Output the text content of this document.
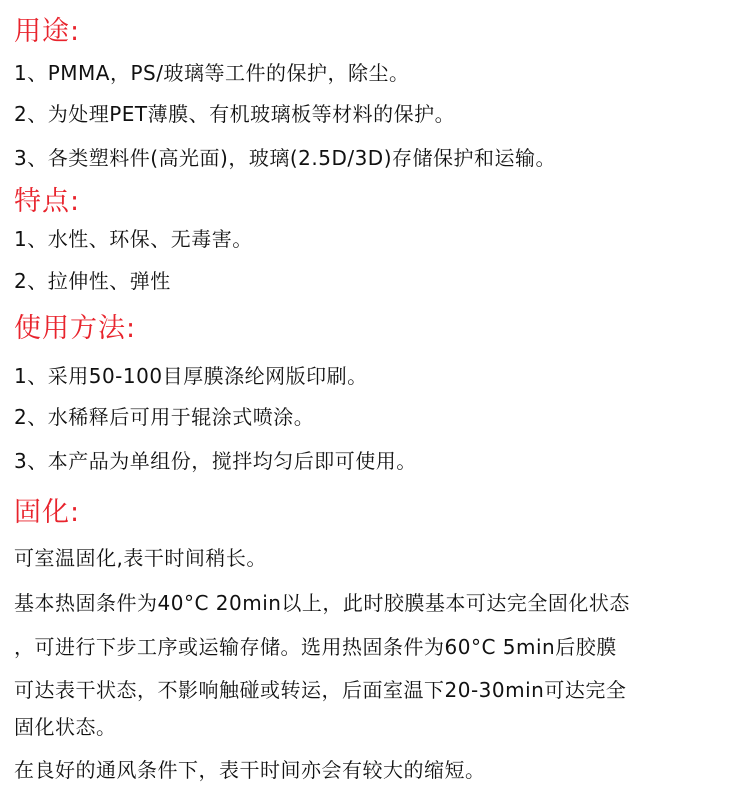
用途:
1、PMMA，PS/玻璃等工件的保护，除尘。
2、为处理PET薄膜、有机玻璃板等材料的保护。
3、各类塑料件(高光面)，玻璃(2.5D/3D)存储保护和运输。
特点:
1、水性、环保、无毒害。
2、拉伸性、弹性
使用方法:
1、采用50-100目厚膜涤纶网版印刷。
2、水稀释后可用于辊涂式喷涂。
3、本产品为单组份，搅拌均匀后即可使用。
固化:
可室温固化,表干时间稍长。
基本热固条件为40°C 20min以上，此时胶膜基本可达完全固化状态
，可进行下步工序或运输存储。选用热固条件为60°C 5min后胶膜
可达表干状态，不影响触碰或转运，后面室温下20-30min可达完全
固化状态。
在良好的通风条件下，表干时间亦会有较大的缩短。
